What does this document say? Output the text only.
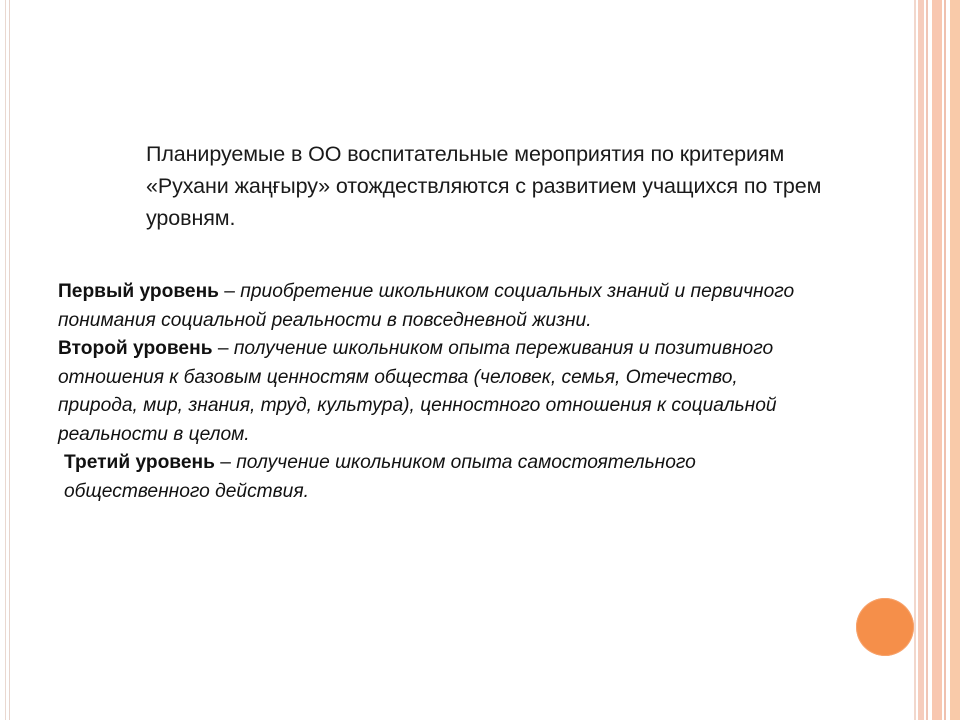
Планируемые в ОО воспитательные мероприятия по критериям «Рухани жаңғыру» отождествляются с развитием учащихся по трем уровням.

Первый уровень – приобретение школьником социальных знаний и первичного понимания социальной реальности в повседневной жизни.

Второй уровень – получение школьником опыта переживания и позитивного отношения к базовым ценностям общества (человек, семья, Отечество, природа, мир, знания, труд, культура), ценностного отношения к социальной реальности в целом.

Третий уровень – получение школьником опыта самостоятельного общественного действия.
